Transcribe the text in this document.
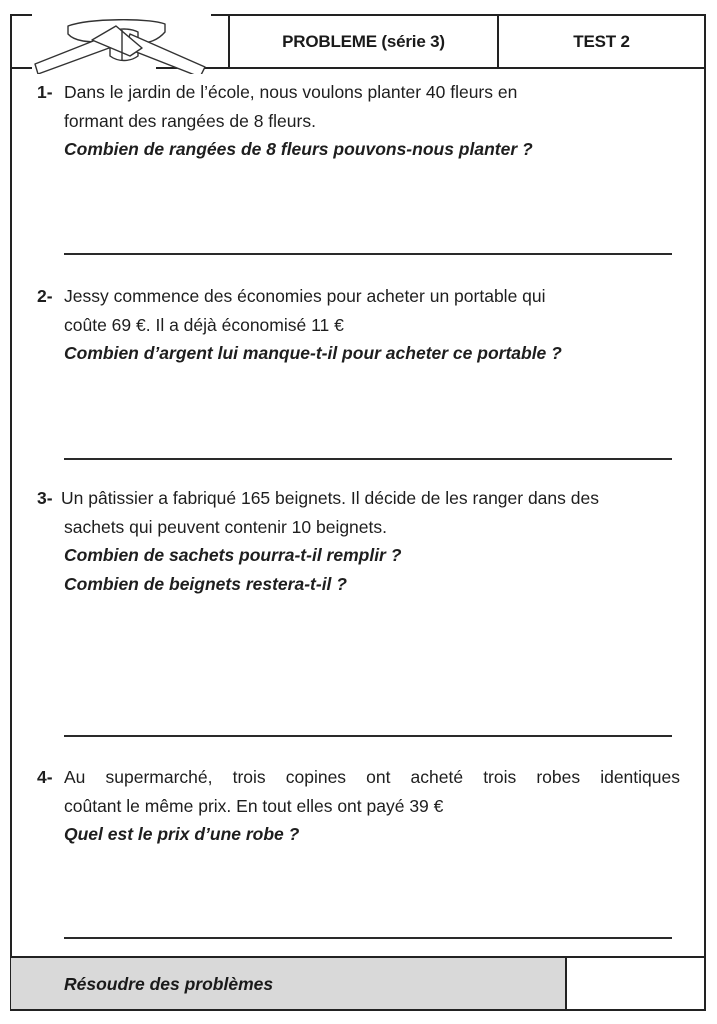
PROBLEME (série 3)	TEST 2
1- Dans le jardin de l’école, nous voulons planter 40 fleurs en
formant des rangées de 8 fleurs.
Combien de rangées de 8 fleurs pouvons-nous planter ?
2- Jessy commence des économies pour acheter un portable qui
coûte 69 €. Il a déjà économisé 11 €
Combien d’argent lui manque-t-il pour acheter ce portable ?
3- Un pâtissier a fabriqué 165 beignets. Il décide de les ranger dans des
sachets qui peuvent contenir 10 beignets.
Combien de sachets pourra-t-il remplir ?
Combien de beignets restera-t-il ?
4- Au supermarché, trois copines ont acheté trois robes identiques
coûtant le même prix. En tout elles ont payé 39 €
Quel est le prix d’une robe ?
Résoudre des problèmes
